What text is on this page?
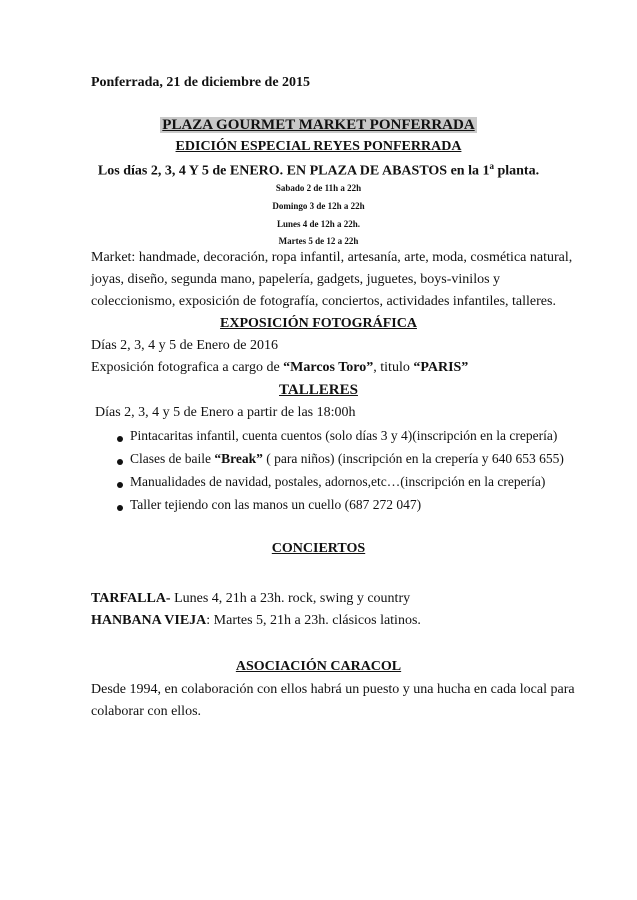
Ponferrada, 21 de diciembre de 2015
PLAZA GOURMET MARKET PONFERRADA
EDICIÓN ESPECIAL REYES PONFERRADA
Los días 2, 3, 4 Y 5 de ENERO. EN PLAZA DE ABASTOS en la 1$^a$ planta.
Sabado 2 de 11h a 22h
Domingo 3 de 12h a 22h
Lunes 4 de 12h a 22h.
Martes 5 de 12 a 22h
Market: handmade, decoración, ropa infantil, artesanía, arte, moda, cosmética natural,
joyas, diseño, segunda mano, papelería, gadgets, juguetes, boys-vinilos y
coleccionismo, exposición de fotografía, conciertos, actividades infantiles, talleres.
EXPOSICIÓN FOTOGRÁFICA
Días 2, 3, 4 y 5 de Enero de 2016
Exposición fotografica a cargo de “Marcos Toro”, titulo “PARIS”
TALLERES
Días 2, 3, 4 y 5 de Enero a partir de las 18:00h
Pintacaritas infantil, cuenta cuentos (solo días 3 y 4)(inscripción en la crepería)
Clases de baile “Break” ( para niños) (inscripción en la crepería y 640 653 655)
Manualidades de navidad, postales, adornos,etc…(inscripción en la crepería)
Taller tejiendo con las manos un cuello (687 272 047)
CONCIERTOS
TARFALLA- Lunes 4, 21h a 23h. rock, swing y country
HANBANA VIEJA: Martes 5, 21h a 23h. clásicos latinos.
ASOCIACIÓN CARACOL
Desde 1994, en colaboración con ellos habrá un puesto y una hucha en cada local para
colaborar con ellos.
